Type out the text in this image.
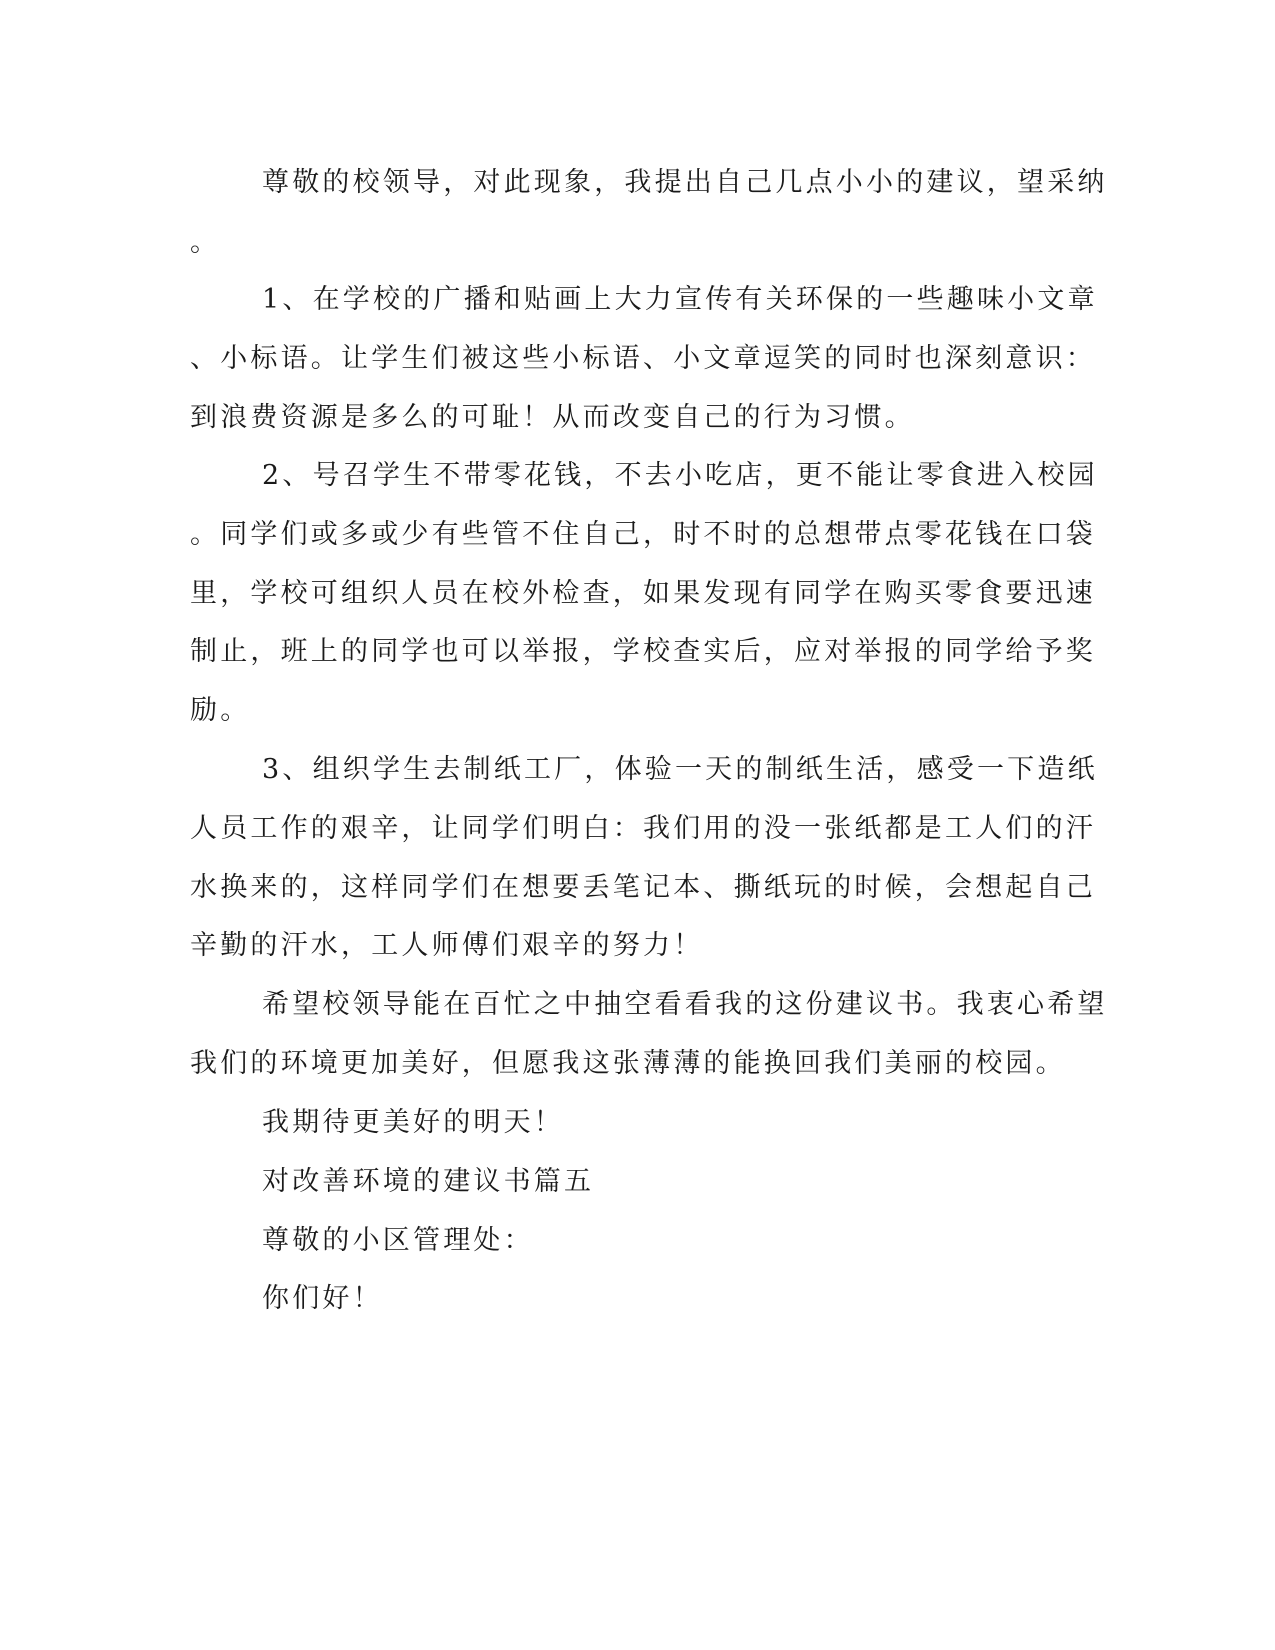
尊敬的校领导，对此现象，我提出自己几点小小的建议，望采纳
。
1、在学校的广播和贴画上大力宣传有关环保的一些趣味小文章
、小标语。让学生们被这些小标语、小文章逗笑的同时也深刻意识：
到浪费资源是多么的可耻！从而改变自己的行为习惯。
2、号召学生不带零花钱，不去小吃店，更不能让零食进入校园
。同学们或多或少有些管不住自己，时不时的总想带点零花钱在口袋
里，学校可组织人员在校外检查，如果发现有同学在购买零食要迅速
制止，班上的同学也可以举报，学校查实后，应对举报的同学给予奖
励。
3、组织学生去制纸工厂，体验一天的制纸生活，感受一下造纸
人员工作的艰辛，让同学们明白：我们用的没一张纸都是工人们的汗
水换来的，这样同学们在想要丢笔记本、撕纸玩的时候，会想起自己
辛勤的汗水，工人师傅们艰辛的努力！
希望校领导能在百忙之中抽空看看我的这份建议书。我衷心希望
我们的环境更加美好，但愿我这张薄薄的能换回我们美丽的校园。
我期待更美好的明天！
对改善环境的建议书篇五
尊敬的小区管理处：
你们好！
